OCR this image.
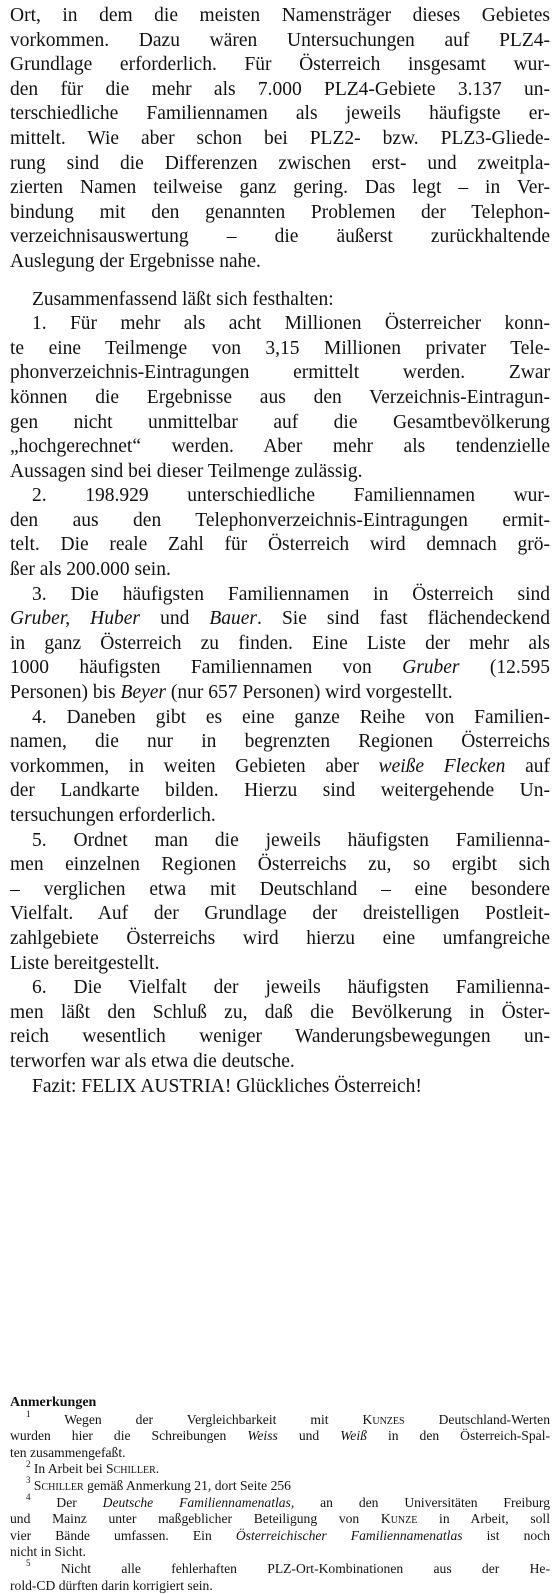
Ort, in dem die meisten Namensträger dieses Gebietes
vorkommen. Dazu wären Untersuchungen auf PLZ4-
Grundlage erforderlich. Für Österreich insgesamt wur-
den für die mehr als 7.000 PLZ4-Gebiete 3.137 un-
terschiedliche Familiennamen als jeweils häufigste er-
mittelt. Wie aber schon bei PLZ2- bzw. PLZ3-Gliede-
rung sind die Differenzen zwischen erst- und zweitpla-
zierten Namen teilweise ganz gering. Das legt – in Ver-
bindung mit den genannten Problemen der Telephon-
verzeichnisauswertung – die äußerst zurückhaltende
Auslegung der Ergebnisse nahe.
Zusammenfassend läßt sich festhalten:
1. Für mehr als acht Millionen Österreicher konn-
te eine Teilmenge von 3,15 Millionen privater Tele-
phonverzeichnis-Eintragungen ermittelt werden. Zwar
können die Ergebnisse aus den Verzeichnis-Eintragun-
gen nicht unmittelbar auf die Gesamtbevölkerung
„hochgerechnet“ werden. Aber mehr als tendenzielle
Aussagen sind bei dieser Teilmenge zulässig.
2. 198.929 unterschiedliche Familiennamen wur-
den aus den Telephonverzeichnis-Eintragungen ermit-
telt. Die reale Zahl für Österreich wird demnach grö-
ßer als 200.000 sein.
3. Die häufigsten Familiennamen in Österreich sind
Gruber, Huber und Bauer. Sie sind fast flächendeckend
in ganz Österreich zu finden. Eine Liste der mehr als
1000 häufigsten Familiennamen von Gruber (12.595
Personen) bis Beyer (nur 657 Personen) wird vorgestellt.
4. Daneben gibt es eine ganze Reihe von Familien-
namen, die nur in begrenzten Regionen Österreichs
vorkommen, in weiten Gebieten aber weiße Flecken auf
der Landkarte bilden. Hierzu sind weitergehende Un-
tersuchungen erforderlich.
5. Ordnet man die jeweils häufigsten Familienna-
men einzelnen Regionen Österreichs zu, so ergibt sich
– verglichen etwa mit Deutschland – eine besondere
Vielfalt. Auf der Grundlage der dreistelligen Postleit-
zahlgebiete Österreichs wird hierzu eine umfangreiche
Liste bereitgestellt.
6. Die Vielfalt der jeweils häufigsten Familienna-
men läßt den Schluß zu, daß die Bevölkerung in Öster-
reich wesentlich weniger Wanderungsbewegungen un-
terworfen war als etwa die deutsche.
Fazit: FELIX AUSTRIA! Glückliches Österreich!
Anmerkungen
$^1$ Wegen der Vergleichbarkeit mit Kunzes Deutschland-Werten
wurden hier die Schreibungen Weiss und Weiß in den Österreich-Spal-
ten zusammengefaßt.
$^2$ In Arbeit bei Schiller.
$^3$ Schiller gemäß Anmerkung 21, dort Seite 256
$^4$ Der Deutsche Familiennamenatlas, an den Universitäten Freiburg
und Mainz unter maßgeblicher Beteiligung von Kunze in Arbeit, soll
vier Bände umfassen. Ein Österreichischer Familiennamenatlas ist noch
nicht in Sicht.
$^5$ Nicht alle fehlerhaften PLZ-Ort-Kombinationen aus der He-
rold-CD dürften darin korrigiert sein.
